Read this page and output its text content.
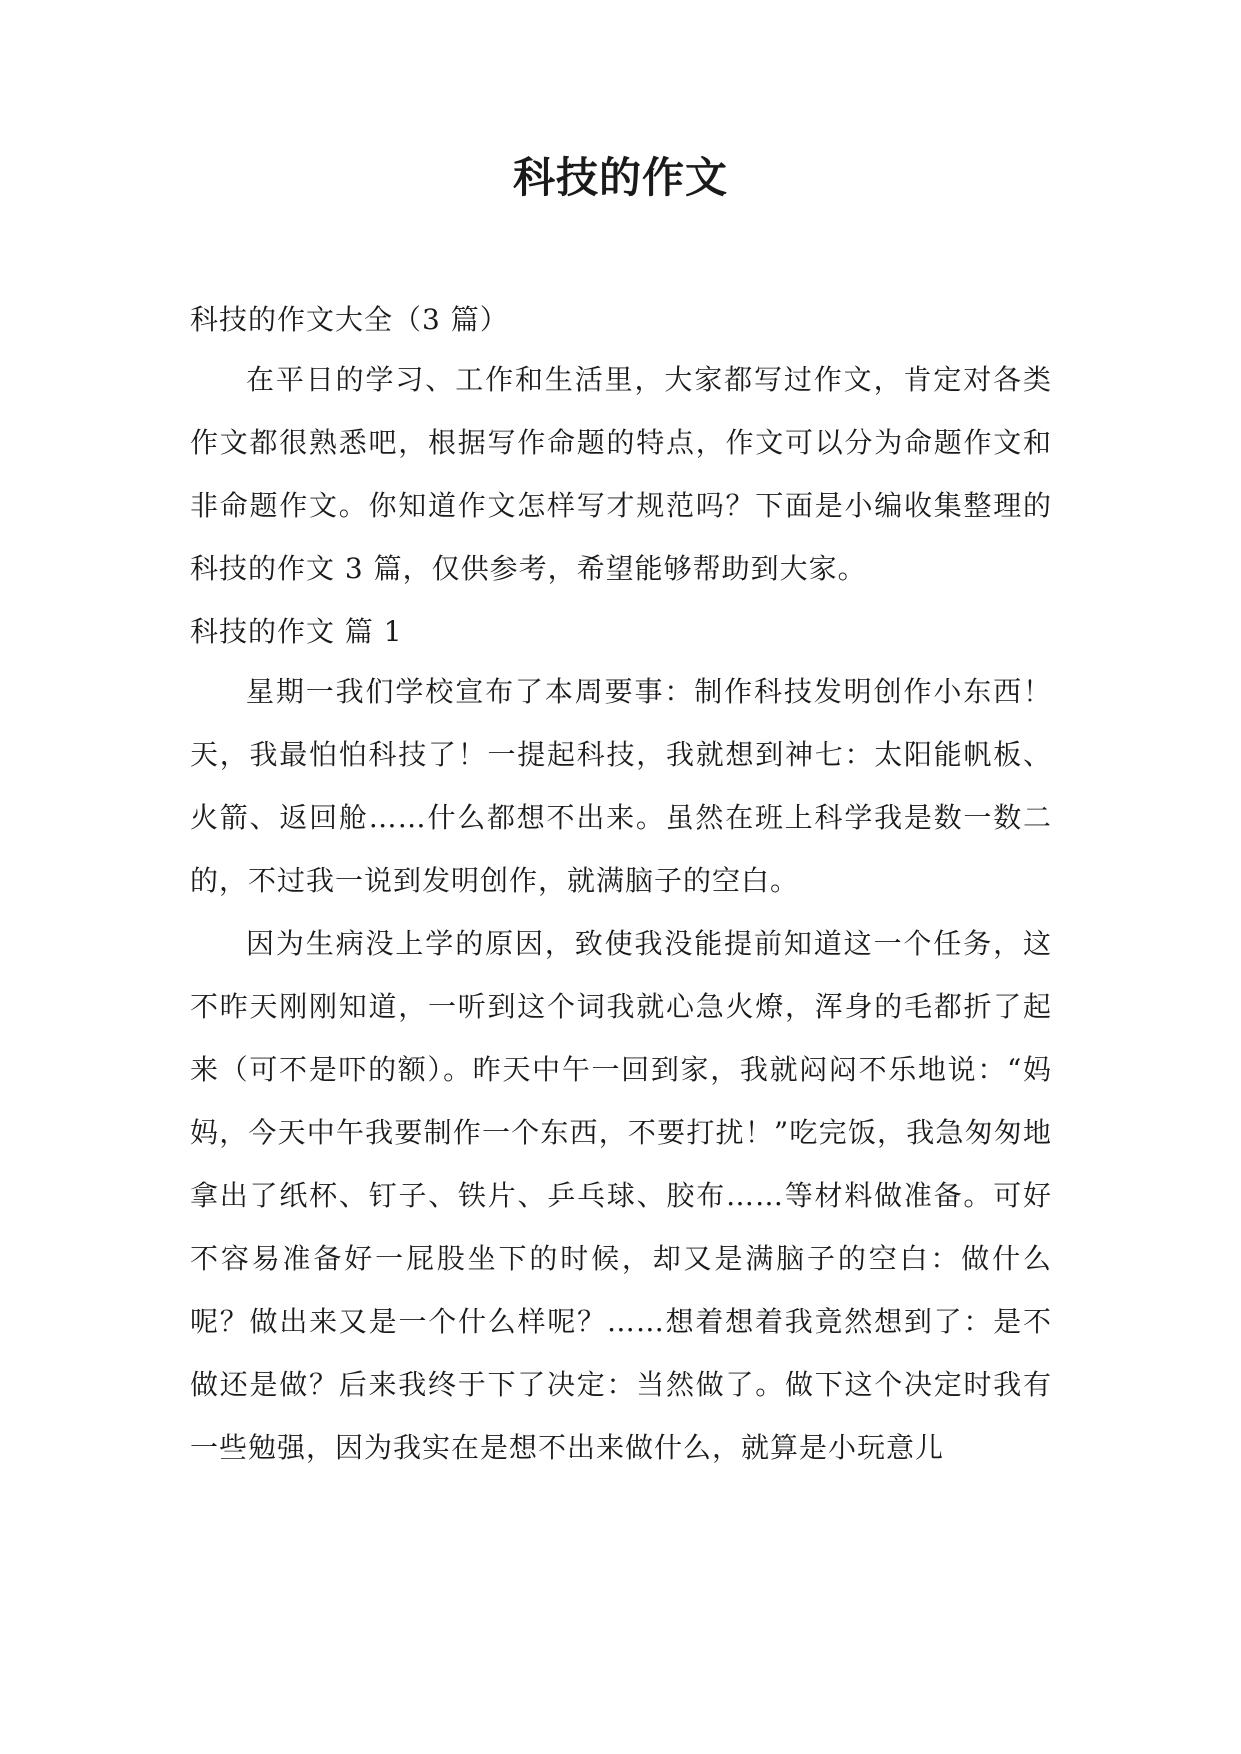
科技的作文

科技的作文大全（3 篇）

在平日的学习、工作和生活里，大家都写过作文，肯定对各类作文都很熟悉吧，根据写作命题的特点，作文可以分为命题作文和非命题作文。你知道作文怎样写才规范吗？下面是小编收集整理的科技的作文 3 篇，仅供参考，希望能够帮助到大家。

科技的作文 篇 1

星期一我们学校宣布了本周要事：制作科技发明创作小东西！天，我最怕怕科技了！一提起科技，我就想到神七：太阳能帆板、火箭、返回舱……什么都想不出来。虽然在班上科学我是数一数二的，不过我一说到发明创作，就满脑子的空白。

因为生病没上学的原因，致使我没能提前知道这一个任务，这不昨天刚刚知道，一听到这个词我就心急火燎，浑身的毛都折了起来（可不是吓的额）。昨天中午一回到家，我就闷闷不乐地说：“妈妈，今天中午我要制作一个东西，不要打扰！”吃完饭，我急匆匆地拿出了纸杯、钉子、铁片、乒乓球、胶布……等材料做准备。可好不容易准备好一屁股坐下的时候，却又是满脑子的空白：做什么呢？做出来又是一个什么样呢？……想着想着我竟然想到了：是不做还是做？后来我终于下了决定：当然做了。做下这个决定时我有一些勉强，因为我实在是想不出来做什么，就算是小玩意儿
